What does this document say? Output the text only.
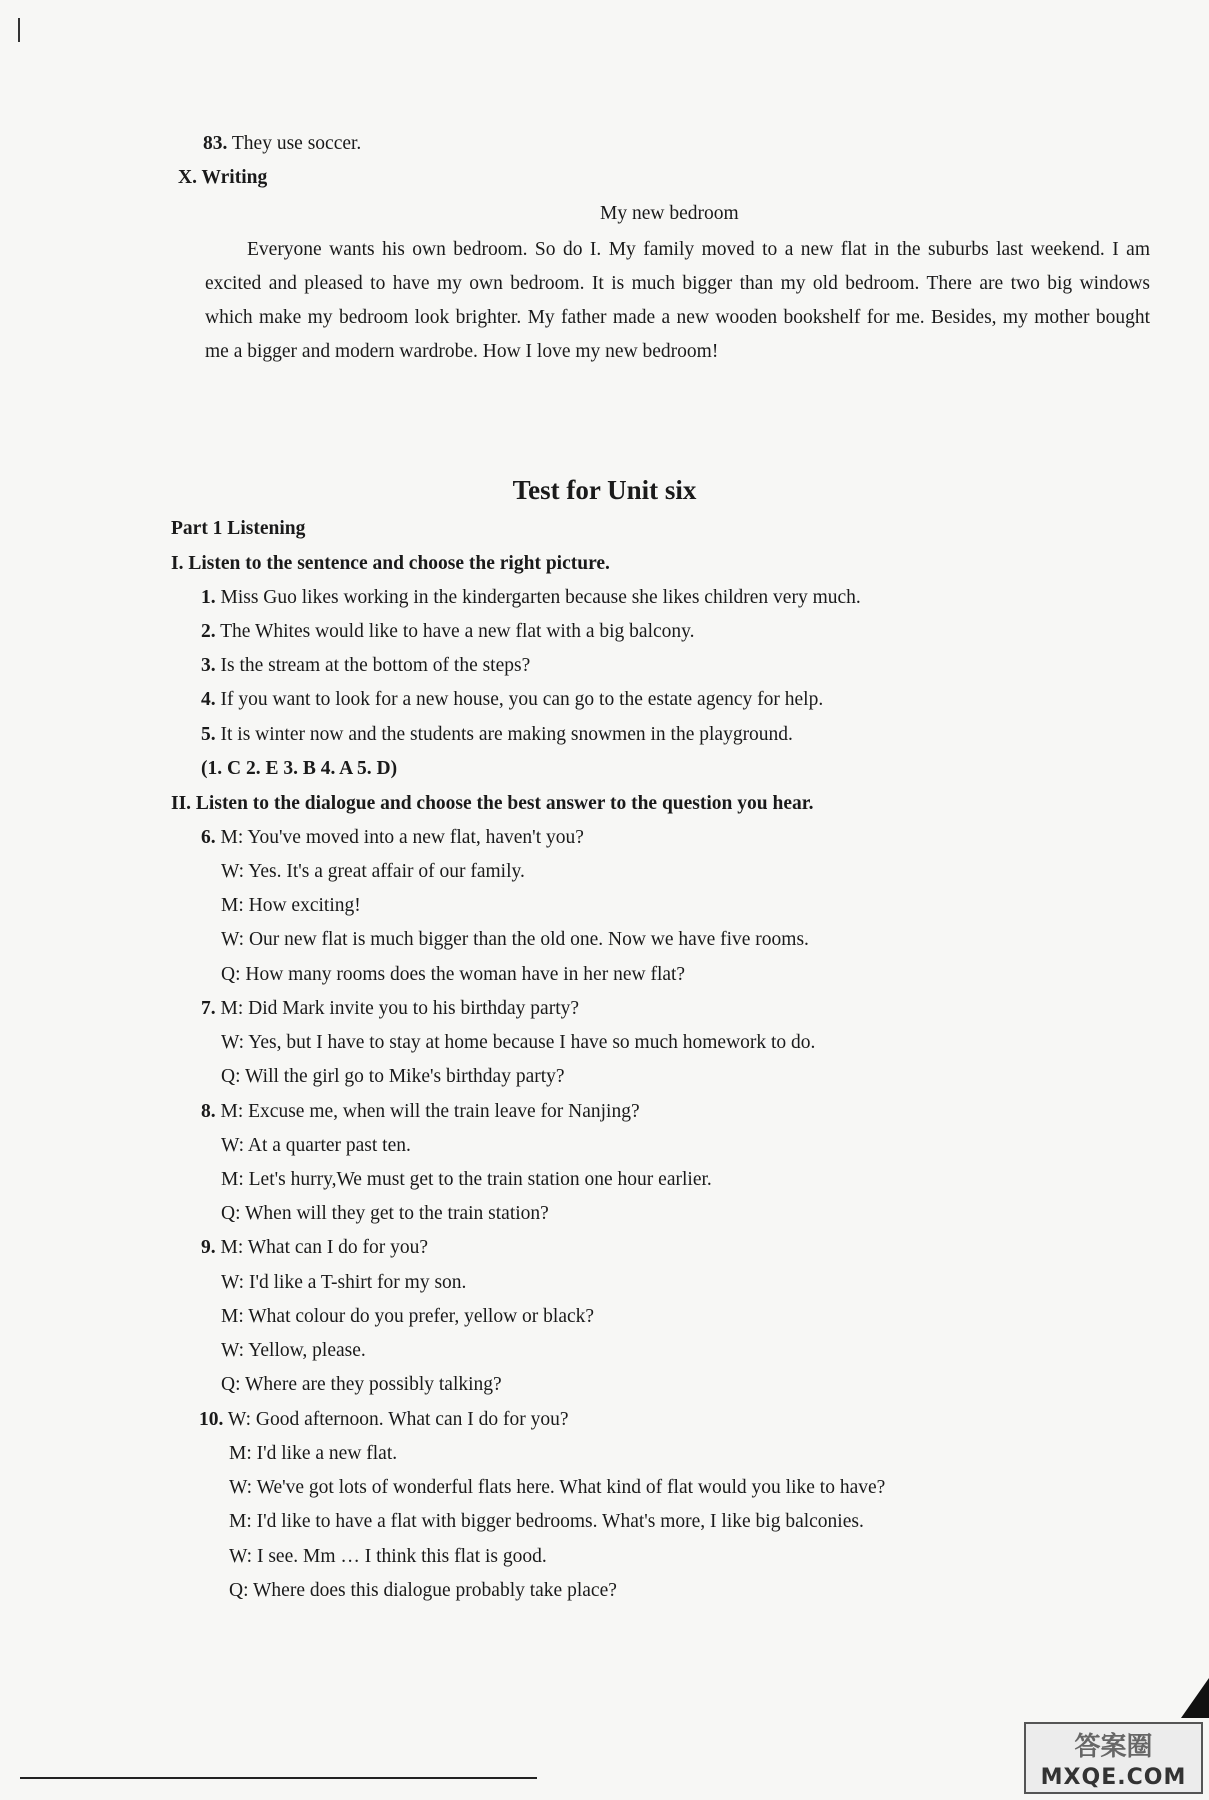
83. They use soccer.
X. Writing
My new bedroom
Everyone wants his own bedroom. So do I. My family moved to a new flat in the suburbs last weekend. I am excited and pleased to have my own bedroom. It is much bigger than my old bedroom. There are two big windows which make my bedroom look brighter. My father made a new wooden bookshelf for me. Besides, my mother bought me a bigger and modern wardrobe. How I love my new bedroom!
Test for Unit six
Part 1 Listening
I. Listen to the sentence and choose the right picture.
1. Miss Guo likes working in the kindergarten because she likes children very much.
2. The Whites would like to have a new flat with a big balcony.
3. Is the stream at the bottom of the steps?
4. If you want to look for a new house, you can go to the estate agency for help.
5. It is winter now and the students are making snowmen in the playground.
(1. C 2. E 3. B 4. A 5. D)
II. Listen to the dialogue and choose the best answer to the question you hear.
6. M: You've moved into a new flat, haven't you?
W: Yes. It's a great affair of our family.
M: How exciting!
W: Our new flat is much bigger than the old one. Now we have five rooms.
Q: How many rooms does the woman have in her new flat?
7. M: Did Mark invite you to his birthday party?
W: Yes, but I have to stay at home because I have so much homework to do.
Q: Will the girl go to Mike's birthday party?
8. M: Excuse me, when will the train leave for Nanjing?
W: At a quarter past ten.
M: Let's hurry,We must get to the train station one hour earlier.
Q: When will they get to the train station?
9. M: What can I do for you?
W: I'd like a T-shirt for my son.
M: What colour do you prefer, yellow or black?
W: Yellow, please.
Q: Where are they possibly talking?
10. W: Good afternoon. What can I do for you?
M: I'd like a new flat.
W: We've got lots of wonderful flats here. What kind of flat would you like to have?
M: I'd like to have a flat with bigger bedrooms. What's more, I like big balconies.
W: I see. Mm … I think this flat is good.
Q: Where does this dialogue probably take place?
答案圈
MXQE.COM
